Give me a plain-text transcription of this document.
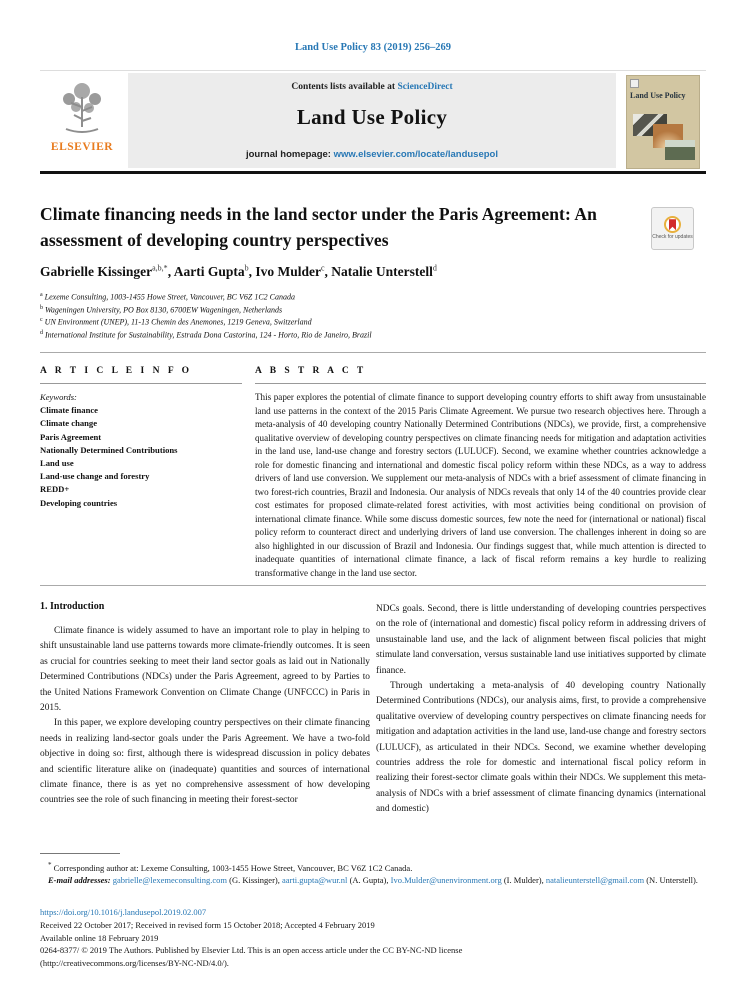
Land Use Policy 83 (2019) 256–269
ELSEVIER
Contents lists available at ScienceDirect
Land Use Policy
journal homepage: www.elsevier.com/locate/landusepol
Land Use Policy
Climate financing needs in the land sector under the Paris Agreement: An assessment of developing country perspectives	Check for updates
Gabrielle Kissinger$^{a,b,*}$, Aarti Gupta$^b$, Ivo Mulder$^c$, Natalie Unterstell$^d$
$^a$ Lexeme Consulting, 1003-1455 Howe Street, Vancouver, BC V6Z 1C2 Canada
$^b$ Wageningen University, PO Box 8130, 6700EW Wageningen, Netherlands
$^c$ UN Environment (UNEP), 11-13 Chemin des Anemones, 1219 Geneva, Switzerland
$^d$ International Institute for Sustainability, Estrada Dona Castorina, 124 - Horto, Rio de Janeiro, Brazil
A R T I C L E I N F O
Keywords:
Climate finance
Climate change
Paris Agreement
Nationally Determined Contributions
Land use
Land-use change and forestry
REDD+
Developing countries
A B S T R A C T
This paper explores the potential of climate finance to support developing country efforts to shift away from unsustainable land use patterns in the context of the 2015 Paris Climate Agreement. We pursue two research objectives here. Through a meta-analysis of 40 developing country Nationally Determined Contributions (NDCs), we provide, first, a comprehensive qualitative overview of developing country perspectives on climate financing needs for mitigation and adaptation activities in the land use, land-use change and forestry sectors (LULUCF). Second, we examine whether countries acknowledge a role for domestic financing and international and domestic fiscal policy reform within these NDCs, as a way to address drivers of land use conversion. We supplement our meta-analysis of NDCs with a brief assessment of climate financing in two forest-rich countries, Brazil and Indonesia. Our analysis of NDCs reveals that only 14 of the 40 countries provide clear cost estimates for proposed climate-related forest activities, with most activities being conditional on provision of international climate finance. While some discuss domestic sources, few note the need for (international or national) fiscal policy reform to counteract direct and underlying drivers of land use conversion. The challenges inherent in doing so are also highlighted in our discussion of Brazil and Indonesia. Our findings suggest that, while much attention is directed to inadequate quantities of international climate finance, a lack of fiscal reform remains a key hurdle to realizing transformative change in the land use sector.
1. Introduction

Climate finance is widely assumed to have an important role to play in helping to shift unsustainable land use patterns towards more climate-friendly outcomes. It is seen as crucial for countries seeking to meet their land sector goals as laid out in Nationally Determined Contributions (NDCs) under the Paris Agreement, agreed to by Parties to the United Nations Framework Convention on Climate Change (UNFCCC) in Paris in 2015.

In this paper, we explore developing country perspectives on their climate financing needs in realizing land-sector goals under the Paris Agreement. We have a two-fold objective in doing so: first, although there is widespread discussion in policy debates and scientific literature alike on (inadequate) quantities and sources of international climate finance, there is as yet no comprehensive assessment of how developing countries see the role of such financing in meeting their forest-sector

NDCs goals. Second, there is little understanding of developing countries perspectives on the role of (international and domestic) fiscal policy reform in addressing drivers of unsustainable land use, and the lack of alignment between fiscal policies that might stimulate land conversation, versus sustainable land use initiatives supported by climate finance.

Through undertaking a meta-analysis of 40 developing country Nationally Determined Contributions (NDCs), our analysis aims, first, to provide a comprehensive qualitative overview of developing country perspectives on climate financing needs for mitigation and adaptation activities in the land use, land-use change and forestry sectors (LULUCF), as articulated in their NDCs. Second, we examine whether developing countries address the role for domestic and international fiscal policy reform in realizing their forest-sector climate goals within their NDCs. We supplement this meta-analysis of NDCs with a brief assessment of climate financing dynamics (international and domestic)

* Corresponding author at: Lexeme Consulting, 1003-1455 Howe Street, Vancouver, BC V6Z 1C2 Canada.
E-mail addresses: gabrielle@lexemeconsulting.com (G. Kissinger), aarti.gupta@wur.nl (A. Gupta), Ivo.Mulder@unenvironment.org (I. Mulder), natalieunterstell@gmail.com (N. Unterstell).
https://doi.org/10.1016/j.landusepol.2019.02.007
Received 22 October 2017; Received in revised form 15 October 2018; Accepted 4 February 2019
Available online 18 February 2019
0264-8377/ © 2019 The Authors. Published by Elsevier Ltd. This is an open access article under the CC BY-NC-ND license
(http://creativecommons.org/licenses/BY-NC-ND/4.0/).
